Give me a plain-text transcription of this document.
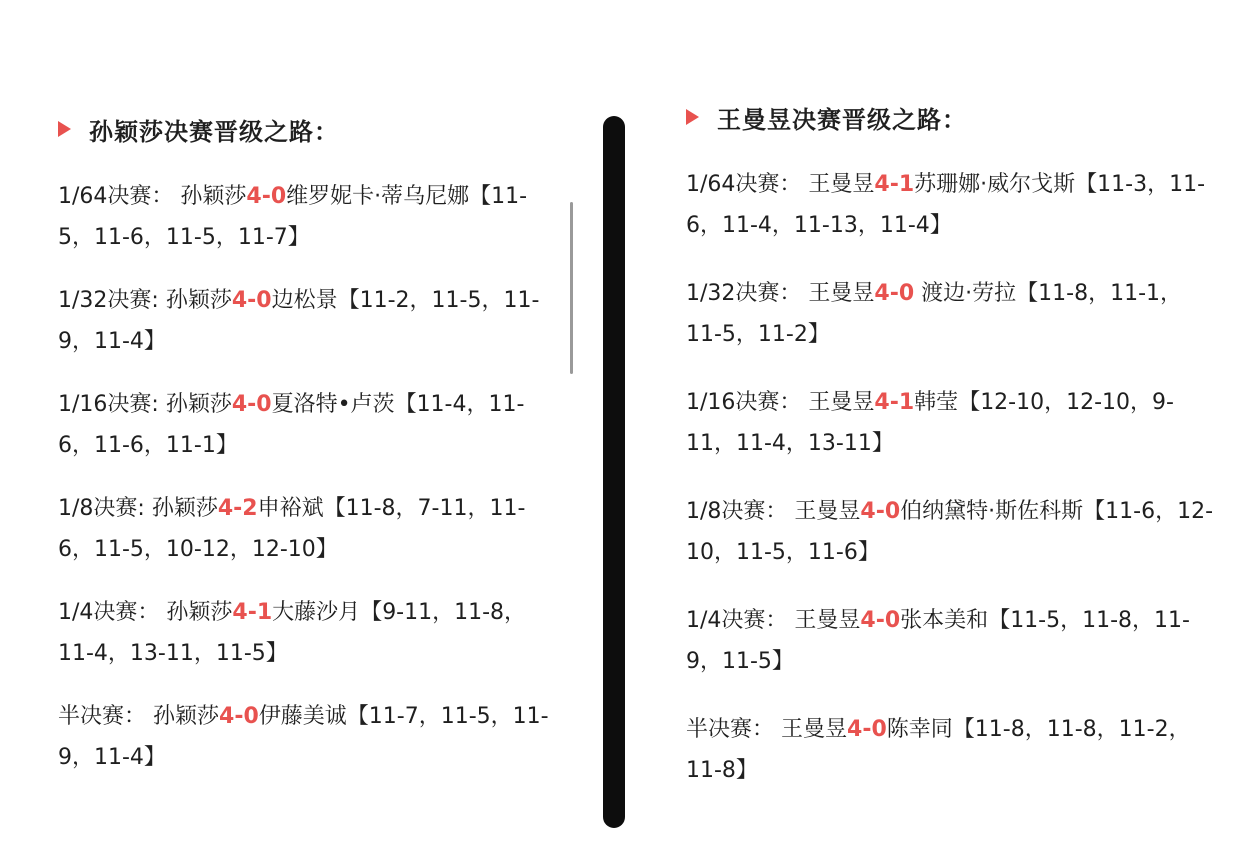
孙颖莎决赛晋级之路：
1/64决赛： 孙颖莎4-0维罗妮卡·蒂乌尼娜【11-5，11-6，11-5，11-7】
1/32决赛: 孙颖莎4-0边松景【11-2，11-5，11-9，11-4】
1/16决赛: 孙颖莎4-0夏洛特•卢茨【11-4，11-6，11-6，11-1】
1/8决赛: 孙颖莎4-2申裕斌【11-8，7-11，11-6，11-5，10-12，12-10】
1/4决赛： 孙颖莎4-1大藤沙月【9-11，11-8，11-4，13-11，11-5】
半决赛： 孙颖莎4-0伊藤美诚【11-7，11-5，11-9，11-4】
王曼昱决赛晋级之路：
1/64决赛： 王曼昱4-1苏珊娜·威尔戈斯【11-3，11-6，11-4，11-13，11-4】
1/32决赛： 王曼昱4-0 渡边·劳拉【11-8，11-1，11-5，11-2】
1/16决赛： 王曼昱4-1韩莹【12-10，12-10，9-11，11-4，13-11】
1/8决赛： 王曼昱4-0伯纳黛特·斯佐科斯【11-6，12-10，11-5，11-6】
1/4决赛： 王曼昱4-0张本美和【11-5，11-8，11-9，11-5】
半决赛： 王曼昱4-0陈幸同【11-8，11-8，11-2，11-8】
